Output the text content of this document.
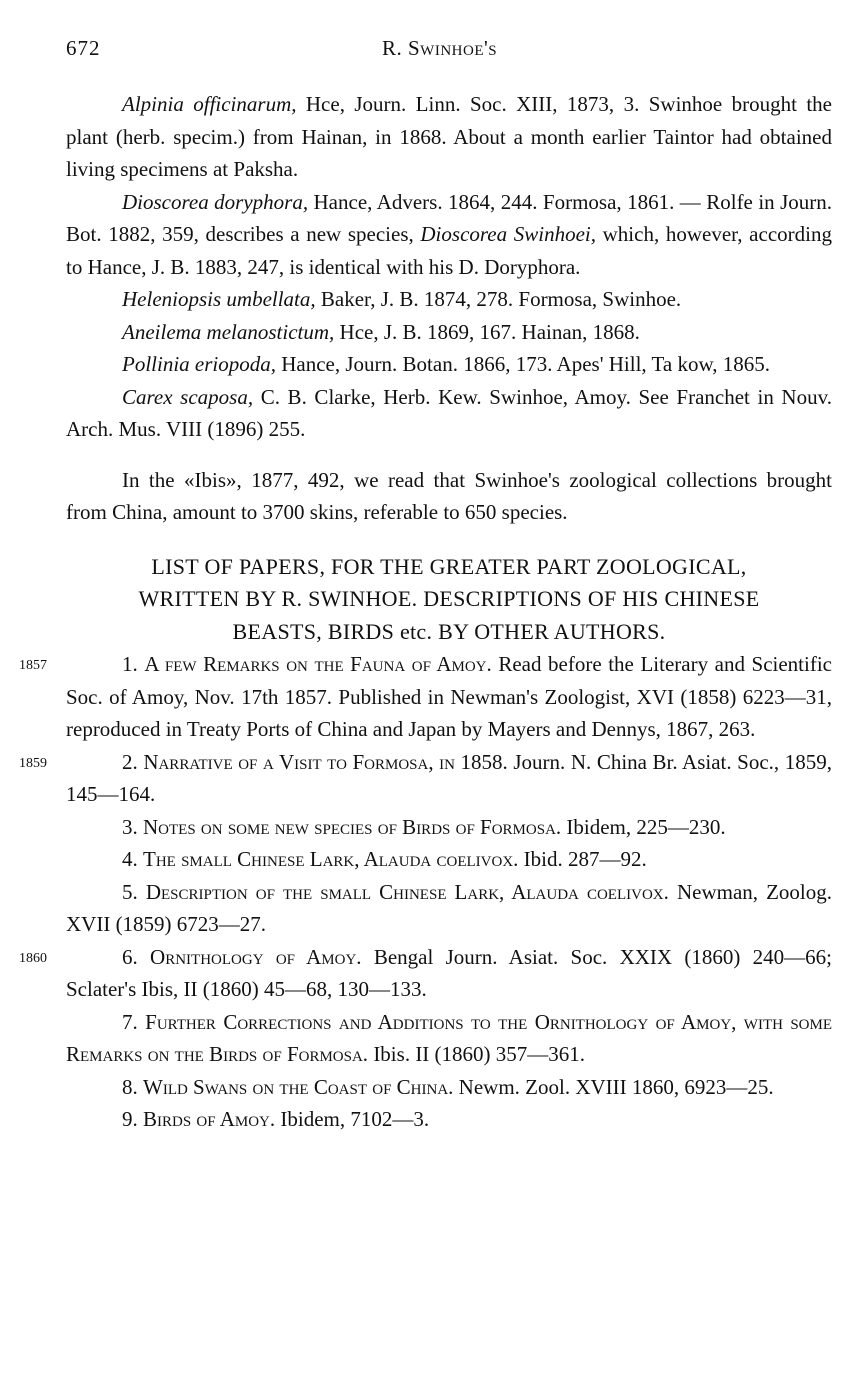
672	R. Swinhoe's

Alpinia officinarum, Hce, Journ. Linn. Soc. XIII, 1873, 3. Swinhoe brought the plant (herb. specim.) from Hainan, in 1868. About a month earlier Taintor had obtained living specimens at Paksha.

Dioscorea doryphora, Hance, Advers. 1864, 244. Formosa, 1861. — Rolfe in Journ. Bot. 1882, 359, describes a new species, Dioscorea Swinhoei, which, however, according to Hance, J. B. 1883, 247, is identical with his D. Doryphora.

Heleniopsis umbellata, Baker, J. B. 1874, 278. Formosa, Swinhoe.

Aneilema melanostictum, Hce, J. B. 1869, 167. Hainan, 1868.

Pollinia eriopoda, Hance, Journ. Botan. 1866, 173. Apes' Hill, Ta kow, 1865.

Carex scaposa, C. B. Clarke, Herb. Kew. Swinhoe, Amoy. See Franchet in Nouv. Arch. Mus. VIII (1896) 255.

In the «Ibis», 1877, 492, we read that Swinhoe's zoological collections brought from China, amount to 3700 skins, referable to 650 species.

LIST OF PAPERS, FOR THE GREATER PART ZOOLOGICAL,

WRITTEN BY R. SWINHOE. DESCRIPTIONS OF HIS CHINESE

BEASTS, BIRDS etc. BY OTHER AUTHORS.

1857	1. A few Remarks on the Fauna of Amoy. Read before the Literary and Scientific Soc. of Amoy, Nov. 17th 1857. Published in Newman's Zoologist, XVI (1858) 6223—31, reproduced in Treaty Ports of China and Japan by Mayers and Dennys, 1867, 263.

1859	2. Narrative of a Visit to Formosa, in 1858. Journ. N. China Br. Asiat. Soc., 1859, 145—164.

3. Notes on some new species of Birds of Formosa. Ibidem, 225—230.

4. The small Chinese Lark, Alauda coelivox. Ibid. 287—92.

5. Description of the small Chinese Lark, Alauda coelivox. Newman, Zoolog. XVII (1859) 6723—27.

1860	6. Ornithology of Amoy. Bengal Journ. Asiat. Soc. XXIX (1860) 240—66; Sclater's Ibis, II (1860) 45—68, 130—133.

7. Further Corrections and Additions to the Ornithology of Amoy, with some Remarks on the Birds of Formosa. Ibis. II (1860) 357—361.

8. Wild Swans on the Coast of China. Newm. Zool. XVIII 1860, 6923—25.

9. Birds of Amoy. Ibidem, 7102—3.
